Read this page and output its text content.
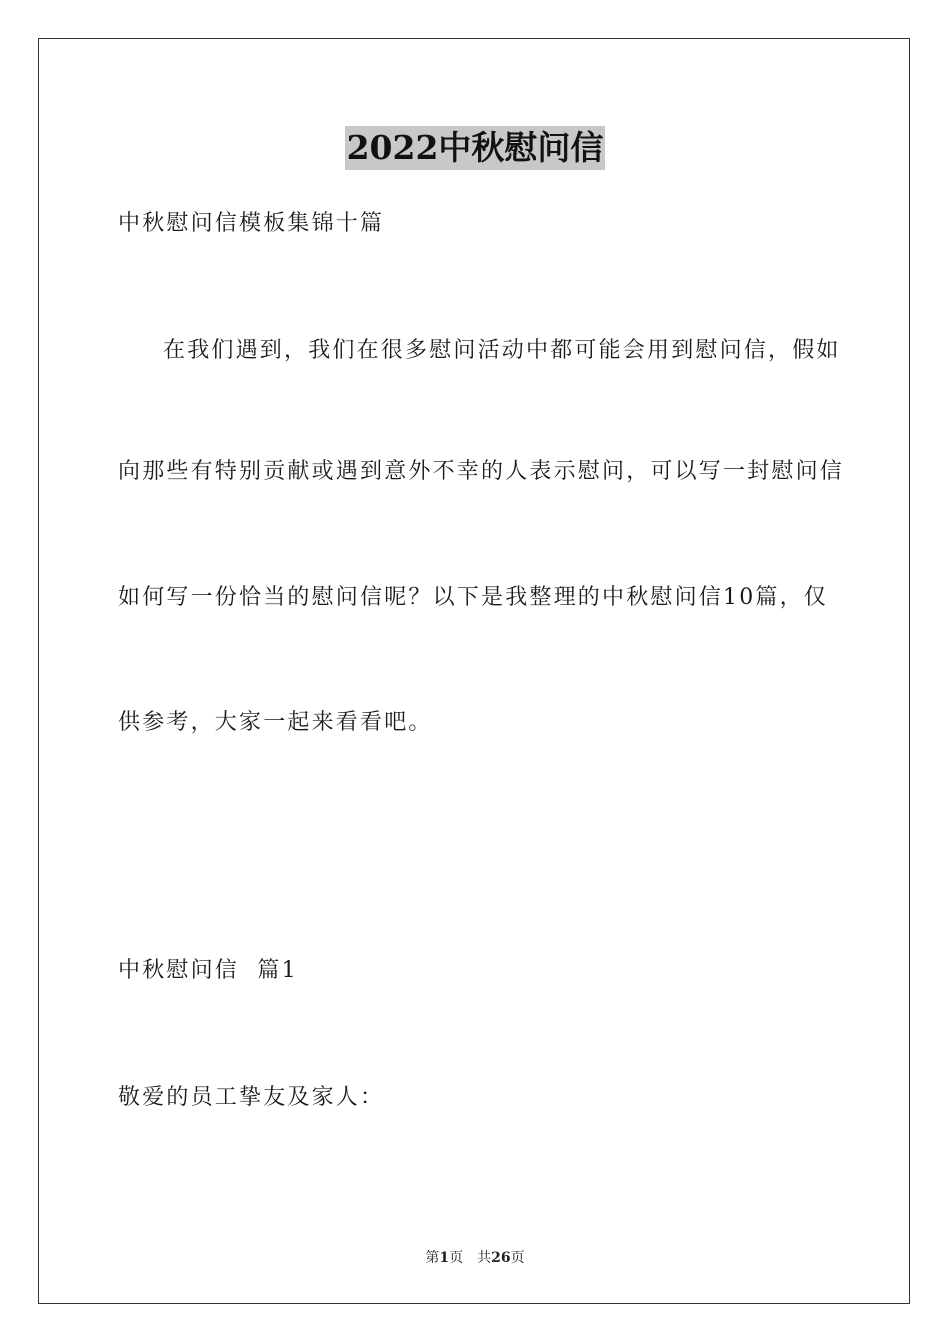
2022中秋慰问信
中秋慰问信模板集锦十篇
在我们遇到，我们在很多慰问活动中都可能会用到慰问信，假如
向那些有特别贡献或遇到意外不幸的人表示慰问，可以写一封慰问信
如何写一份恰当的慰问信呢？以下是我整理的中秋慰问信10篇，仅
供参考，大家一起来看看吧。
中秋慰问信  篇1
敬爱的员工挚友及家人：
第1页 共26页
